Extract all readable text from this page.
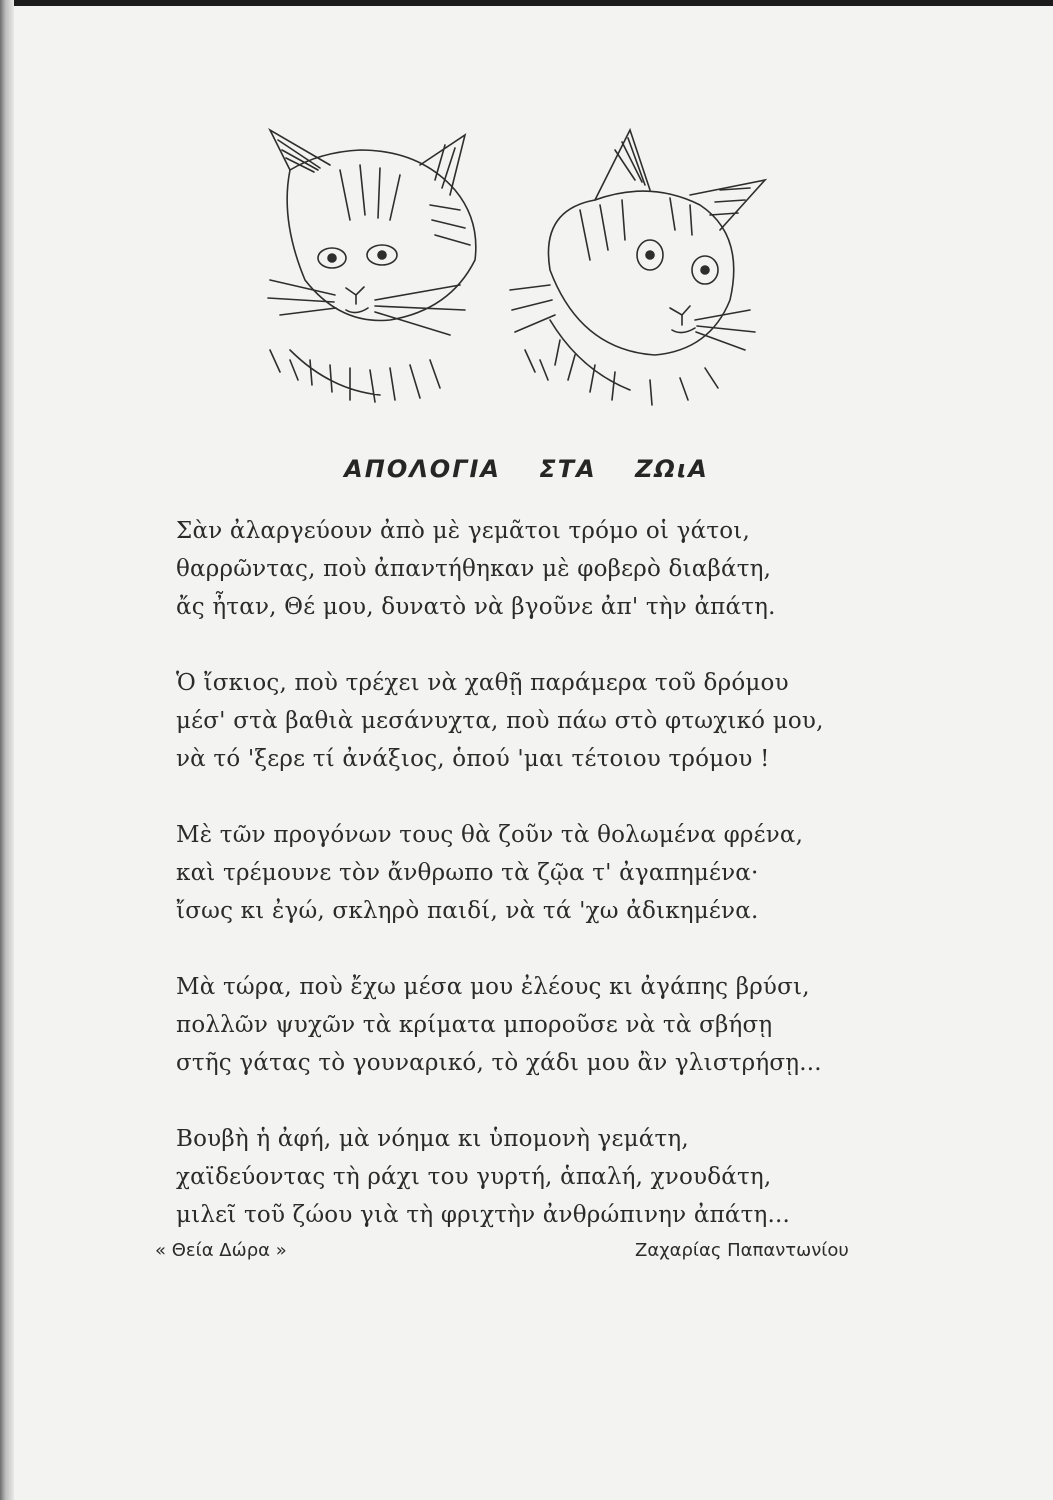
ΑΠΟΛΟΓΙΑ ΣΤΑ ΖΩιΑ
Σὰν ἀλαργεύουν ἀπὸ μὲ γεμᾶτοι τρόμο οἱ γάτοι,
θαρρῶντας, ποὺ ἀπαντήθηκαν μὲ φοβερὸ διαβάτη,
ἄς ἦταν, Θέ μου, δυνατὸ νὰ βγοῦνε ἀπ' τὴν ἀπάτη.
Ὁ ἴσκιος, ποὺ τρέχει νὰ χαθῇ παράμερα τοῦ δρόμου
μέσ' στὰ βαθιὰ μεσάνυχτα, ποὺ πάω στὸ φτωχικό μου,
νὰ τό 'ξερε τί ἀνάξιος, ὁπού 'μαι τέτοιου τρόμου !
Μὲ τῶν προγόνων τους θὰ ζοῦν τὰ θολωμένα φρένα,
καὶ τρέμουνε τὸν ἄνθρωπο τὰ ζῷα τ' ἀγαπημένα·
ἴσως κι ἐγώ, σκληρὸ παιδί, νὰ τά 'χω ἀδικημένα.
Μὰ τώρα, ποὺ ἔχω μέσα μου ἐλέους κι ἀγάπης βρύσι,
πολλῶν ψυχῶν τὰ κρίματα μποροῦσε νὰ τὰ σβήσῃ
στῆς γάτας τὸ γουναρικό, τὸ χάδι μου ἂν γλιστρήσῃ...
Βουβὴ ἡ ἀφή, μὰ νόημα κι ὑπομονὴ γεμάτη,
χαϊδεύοντας τὴ ράχι του γυρτή, ἁπαλή, χνουδάτη,
μιλεῖ τοῦ ζώου γιὰ τὴ φριχτὴν ἀνθρώπινην ἀπάτη...
« Θεία Δώρα »	Ζαχαρίας Παπαντωνίου
